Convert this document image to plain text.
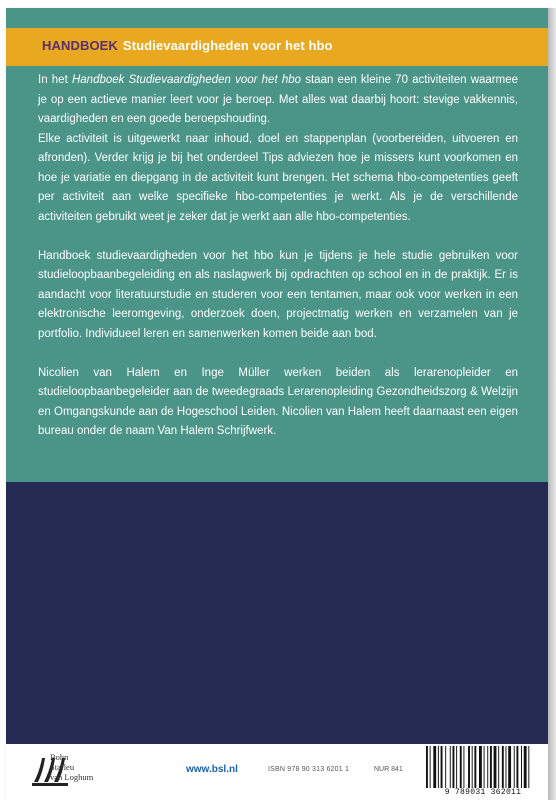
HANDBOEK Studievaardigheden voor het hbo

In het Handboek Studievaardigheden voor het hbo staan een kleine 70 activiteiten waarmee je op een actieve manier leert voor je beroep. Met alles wat daarbij hoort: stevige vakkennis, vaardigheden en een goede beroepshouding.

Elke activiteit is uitgewerkt naar inhoud, doel en stappenplan (voorbereiden, uitvoeren en afronden). Verder krijg je bij het onderdeel Tips adviezen hoe je missers kunt voorkomen en hoe je variatie en diepgang in de activiteit kunt brengen. Het schema hbo-competenties geeft per activiteit aan welke specifieke hbo-competenties je werkt. Als je de verschillende activiteiten gebruikt weet je zeker dat je werkt aan alle hbo-competenties.

Handboek studievaardigheden voor het hbo kun je tijdens je hele studie gebruiken voor studieloopbaanbegeleiding en als naslagwerk bij opdrachten op school en in de praktijk. Er is aandacht voor literatuurstudie en studeren voor een tentamen, maar ook voor werken in een elektronische leeromgeving, onderzoek doen, projectmatig werken en verzamelen van je portfolio. Individueel leren en samenwerken komen beide aan bod.

Nicolien van Halem en Inge Müller werken beiden als lerarenopleider en studieloopbaanbegeleider aan de tweedegraads Lerarenopleiding Gezondheidszorg & Welzijn en Omgangskunde aan de Hogeschool Leiden. Nicolien van Halem heeft daarnaast een eigen bureau onder de naam Van Halem Schrijfwerk.

Bohn
Stafleu
van Loghum
www.bsl.nl	ISBN 978 90 313 6201 1	NUR 841
9 789031 362011
